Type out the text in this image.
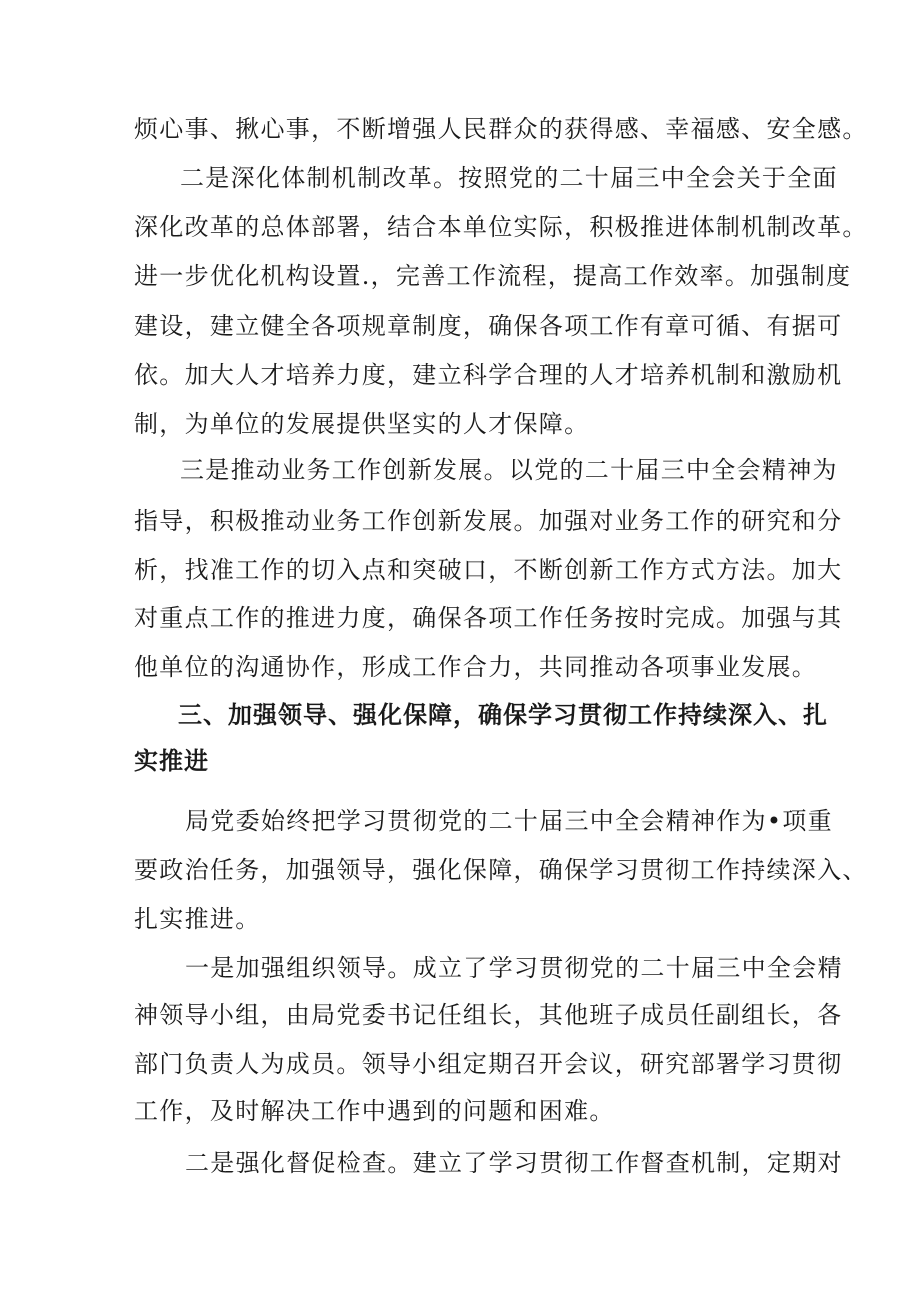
烦心事、揪心事，不断增强人民群众的获得感、幸福感、安全感。
二是深化体制机制改革。按照党的二十届三中全会关于全面
深化改革的总体部署，结合本单位实际，积极推进体制机制改革。
进一步优化机构设置.，完善工作流程，提高工作效率。加强制度
建设，建立健全各项规章制度，确保各项工作有章可循、有据可
依。加大人才培养力度，建立科学合理的人才培养机制和激励机
制，为单位的发展提供坚实的人才保障。
三是推动业务工作创新发展。以党的二十届三中全会精神为
指导，积极推动业务工作创新发展。加强对业务工作的研究和分
析，找准工作的切入点和突破口，不断创新工作方式方法。加大
对重点工作的推进力度，确保各项工作任务按时完成。加强与其
他单位的沟通协作，形成工作合力，共同推动各项事业发展。
三、加强领导、强化保障，确保学习贯彻工作持续深入、扎
实推进
局党委始终把学习贯彻党的二十届三中全会精神作为•项重
要政治任务，加强领导，强化保障，确保学习贯彻工作持续深入、
扎实推进。
一是加强组织领导。成立了学习贯彻党的二十届三中全会精
神领导小组，由局党委书记任组长，其他班子成员任副组长，各
部门负责人为成员。领导小组定期召开会议，研究部署学习贯彻
工作，及时解决工作中遇到的问题和困难。
二是强化督促检查。建立了学习贯彻工作督查机制，定期对
